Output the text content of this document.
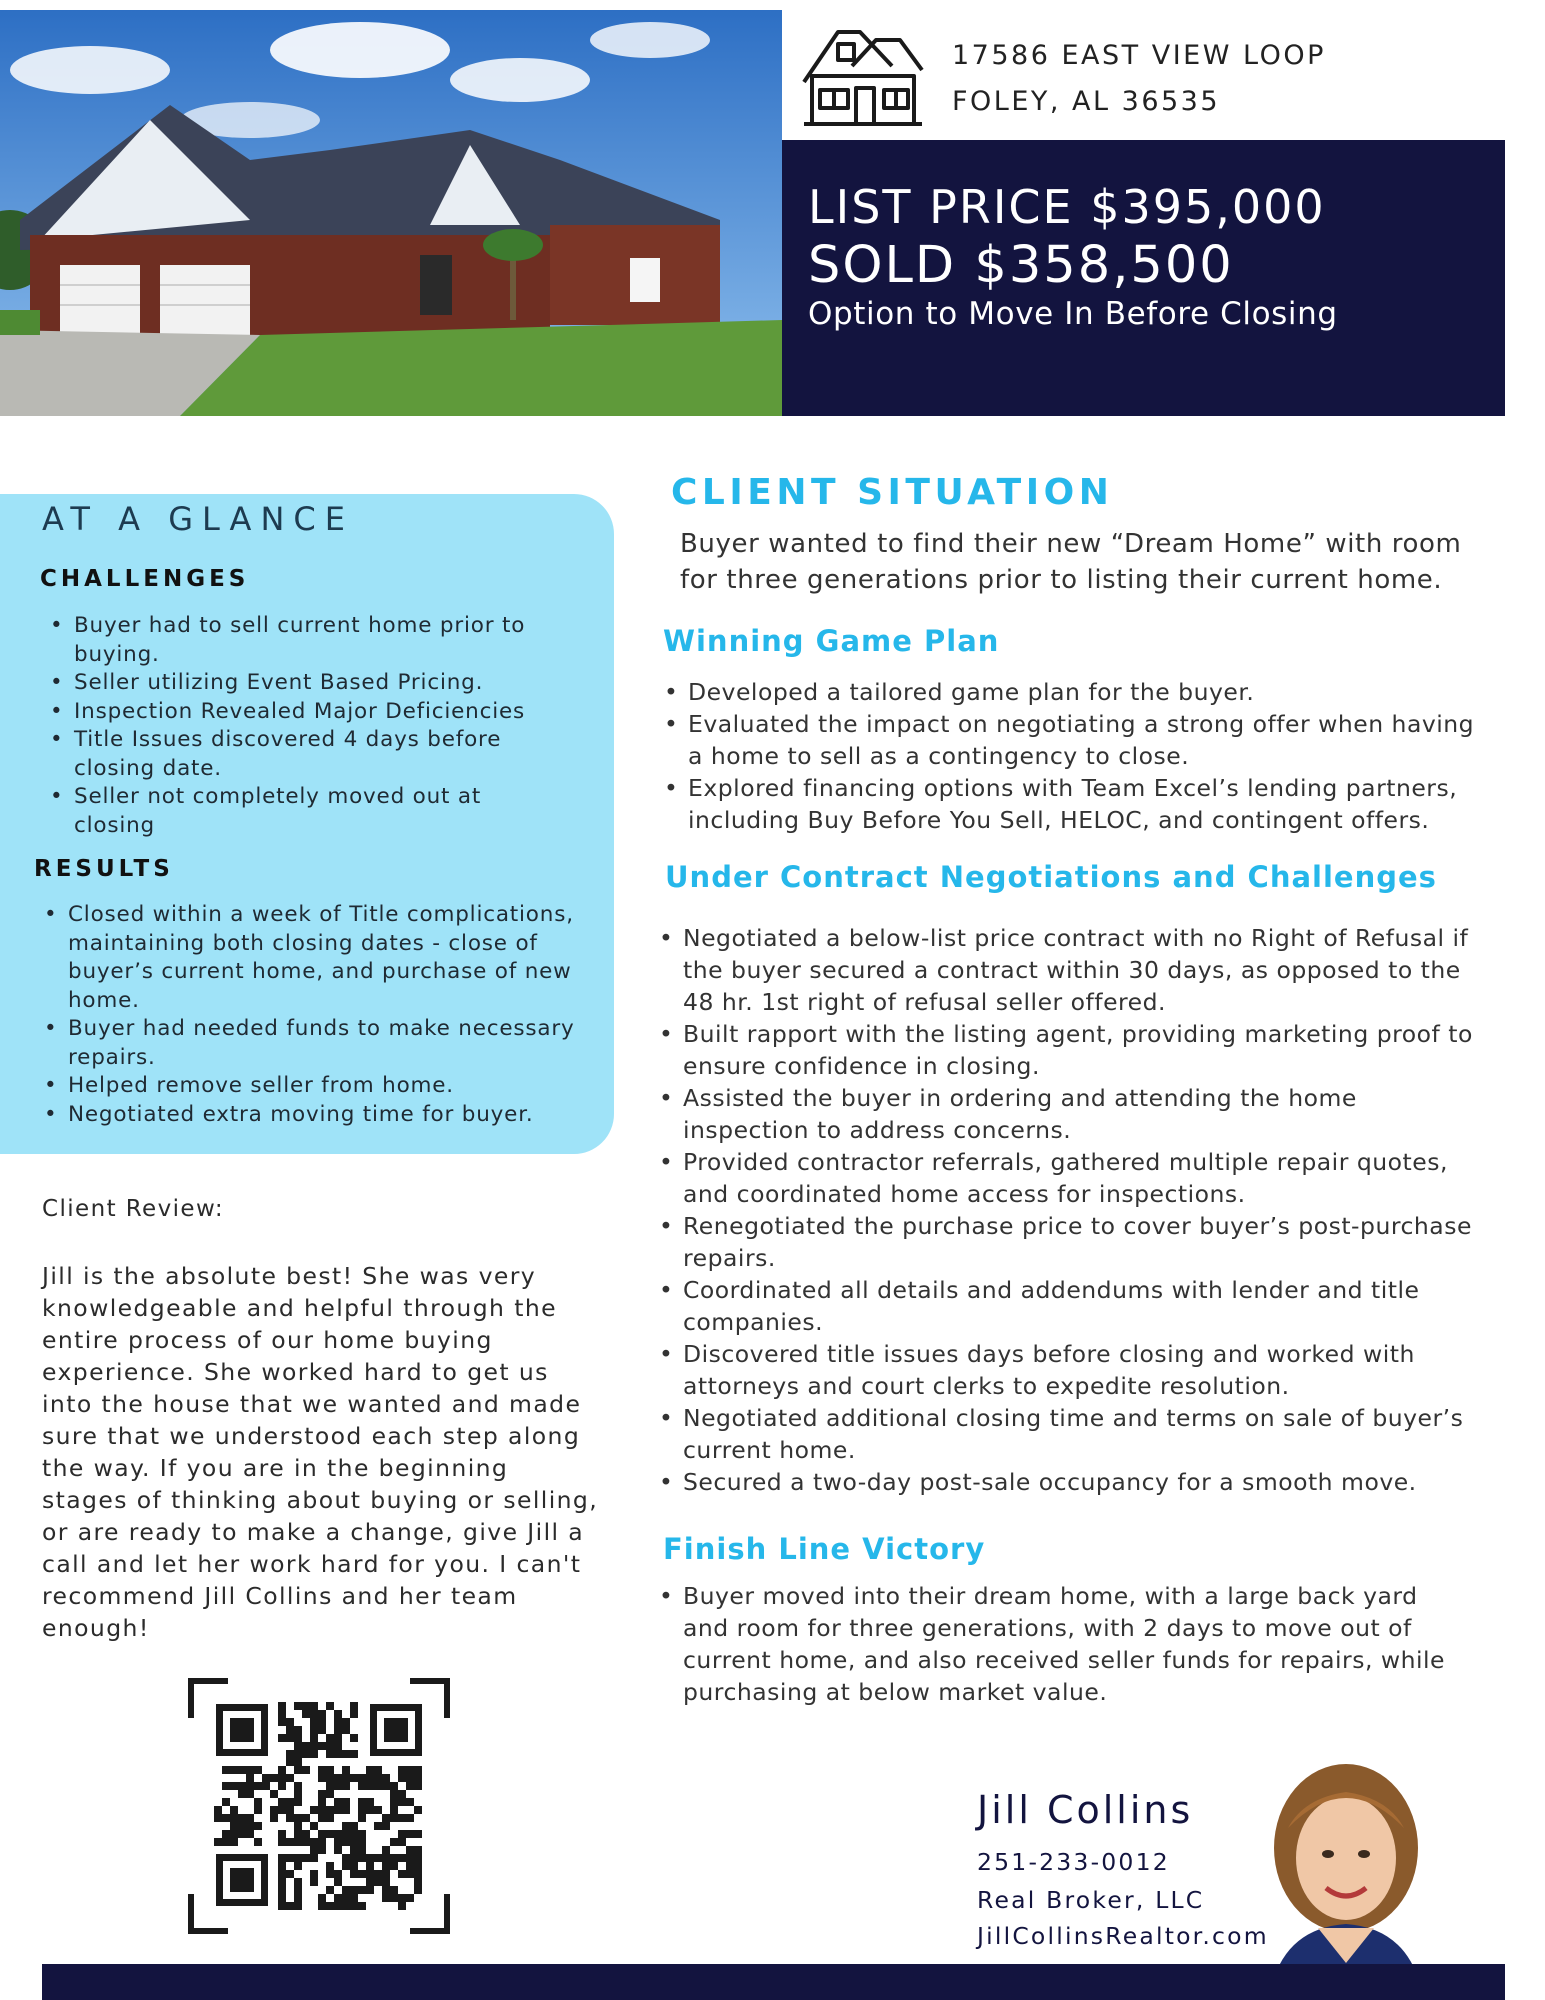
17586 EAST VIEW LOOP
FOLEY, AL 36535
LIST PRICE $395,000
SOLD $358,500
Option to Move In Before Closing
AT A GLANCE
CHALLENGES
• Buyer had to sell current home prior to buying.
• Seller utilizing Event Based Pricing.
• Inspection Revealed Major Deficiencies
• Title Issues discovered 4 days before closing date.
• Seller not completely moved out at closing
RESULTS
• Closed within a week of Title complications, maintaining both closing dates - close of buyer’s current home, and purchase of new home.
• Buyer had needed funds to make necessary repairs.
• Helped remove seller from home.
• Negotiated extra moving time for buyer.
Client Review:
Jill is the absolute best! She was very knowledgeable and helpful through the entire process of our home buying experience. She worked hard to get us into the house that we wanted and made sure that we understood each step along the way. If you are in the beginning stages of thinking about buying or selling, or are ready to make a change, give Jill a call and let her work hard for you. I can't recommend Jill Collins and her team enough!
CLIENT SITUATION
Buyer wanted to find their new “Dream Home” with room for three generations prior to listing their current home.
Winning Game Plan
• Developed a tailored game plan for the buyer.
• Evaluated the impact on negotiating a strong offer when having a home to sell as a contingency to close.
• Explored financing options with Team Excel’s lending partners, including Buy Before You Sell, HELOC, and contingent offers.
Under Contract Negotiations and Challenges
• Negotiated a below-list price contract with no Right of Refusal if the buyer secured a contract within 30 days, as opposed to the 48 hr. 1st right of refusal seller offered.
• Built rapport with the listing agent, providing marketing proof to ensure confidence in closing.
• Assisted the buyer in ordering and attending the home inspection to address concerns.
• Provided contractor referrals, gathered multiple repair quotes, and coordinated home access for inspections.
• Renegotiated the purchase price to cover buyer’s post-purchase repairs.
• Coordinated all details and addendums with lender and title companies.
• Discovered title issues days before closing and worked with attorneys and court clerks to expedite resolution.
• Negotiated additional closing time and terms on sale of buyer’s current home.
• Secured a two-day post-sale occupancy for a smooth move.
Finish Line Victory
• Buyer moved into their dream home, with a large back yard and room for three generations, with 2 days to move out of current home, and also received seller funds for repairs, while purchasing at below market value.
Jill Collins
251-233-0012
Real Broker, LLC
JillCollinsRealtor.com
